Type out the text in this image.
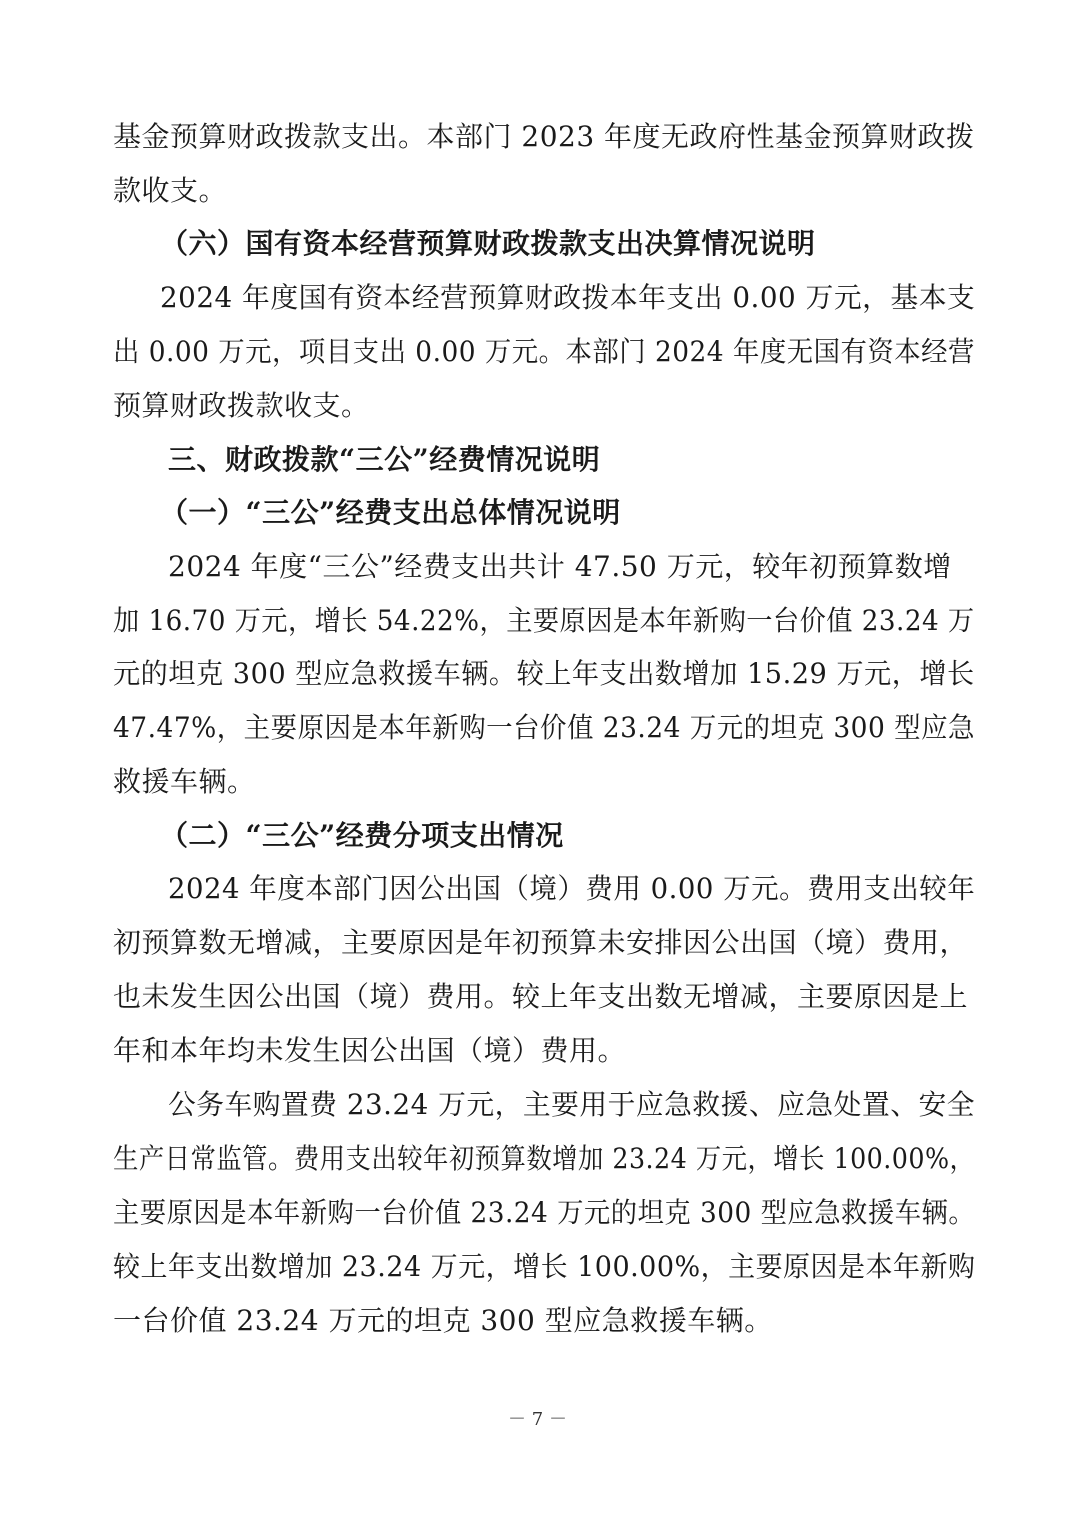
基金预算财政拨款支出。本部门 2023 年度无政府性基金预算财政拨
款收支。
（六）国有资本经营预算财政拨款支出决算情况说明
2024 年度国有资本经营预算财政拨本年支出 0.00 万元，基本支
出 0.00 万元，项目支出 0.00 万元。本部门 2024 年度无国有资本经营
预算财政拨款收支。
三、财政拨款“三公”经费情况说明
（一）“三公”经费支出总体情况说明
2024 年度“三公”经费支出共计 47.50 万元，较年初预算数增
加 16.70 万元，增长 54.22%，主要原因是本年新购一台价值 23.24 万
元的坦克 300 型应急救援车辆。较上年支出数增加 15.29 万元，增长
47.47%，主要原因是本年新购一台价值 23.24 万元的坦克 300 型应急
救援车辆。
（二）“三公”经费分项支出情况
2024 年度本部门因公出国（境）费用 0.00 万元。费用支出较年
初预算数无增减，主要原因是年初预算未安排因公出国（境）费用，
也未发生因公出国（境）费用。较上年支出数无增减，主要原因是上
年和本年均未发生因公出国（境）费用。
公务车购置费 23.24 万元，主要用于应急救援、应急处置、安全
生产日常监管。费用支出较年初预算数增加 23.24 万元，增长 100.00%，
主要原因是本年新购一台价值 23.24 万元的坦克 300 型应急救援车辆。
较上年支出数增加 23.24 万元，增长 100.00%，主要原因是本年新购
一台价值 23.24 万元的坦克 300 型应急救援车辆。
－ 7 －
